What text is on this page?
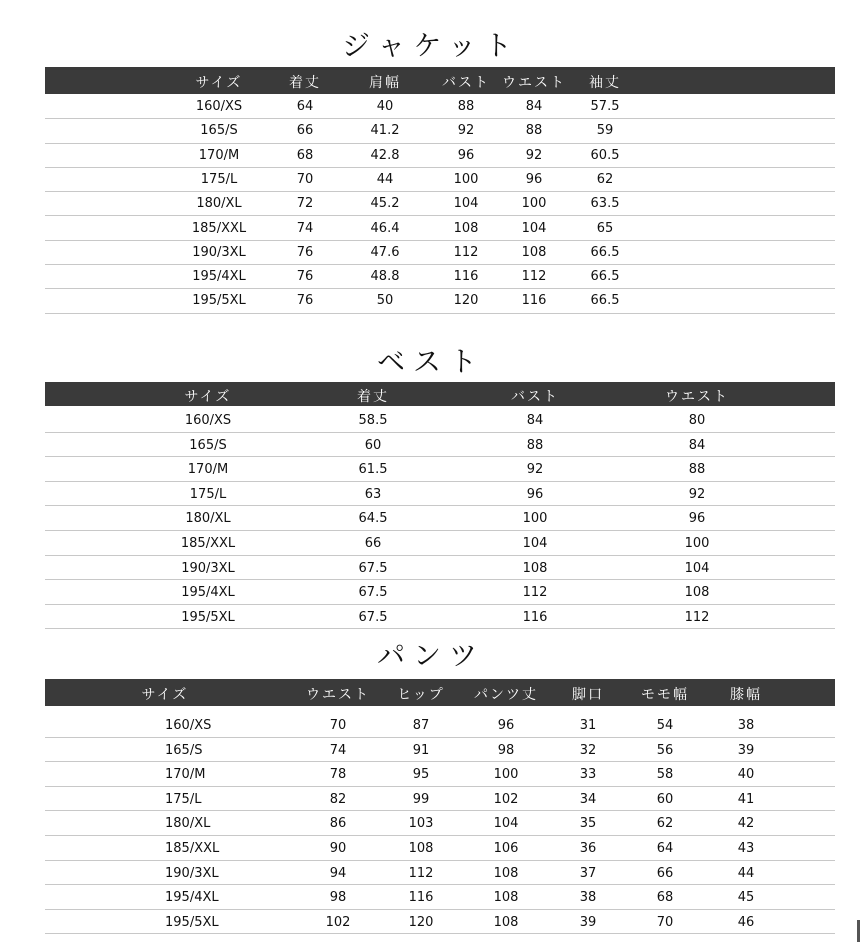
ジャケット
サイズ	着丈	肩幅	バスト ウエスト 袖丈
160/XS	64	40	88	84	57.5
165/S	66	41.2	92	88	59
170/M	68	42.8	96	92	60.5
175/L	70	44	100	96	62
180/XL	72	45.2	104	100	63.5
185/XXL	74	46.4	108	104	65
190/3XL	76	47.6	112	108	66.5
195/4XL	76	48.8	116	112	66.5
195/5XL	76	50	120	116	66.5
ベスト
サイズ	着丈	バスト	ウエスト
160/XS	58.5	84	80
165/S	60	88	84
170/M	61.5	92	88
175/L	63	96	92
180/XL	64.5	100	96
185/XXL	66	104	100
190/3XL	67.5	108	104
195/4XL	67.5	112	108
195/5XL	67.5	116	112
パンツ
サイズ	ウエスト ヒップ パンツ丈 脚口	モモ幅	膝幅
160/XS	70	87	96	31	54	38
165/S	74	91	98	32	56	39
170/M	78	95	100	33	58	40
175/L	82	99	102	34	60	41
180/XL	86	103	104	35	62	42
185/XXL	90	108	106	36	64	43
190/3XL	94	112	108	37	66	44
195/4XL	98	116	108	38	68	45
195/5XL	102	120	108	39	70	46
